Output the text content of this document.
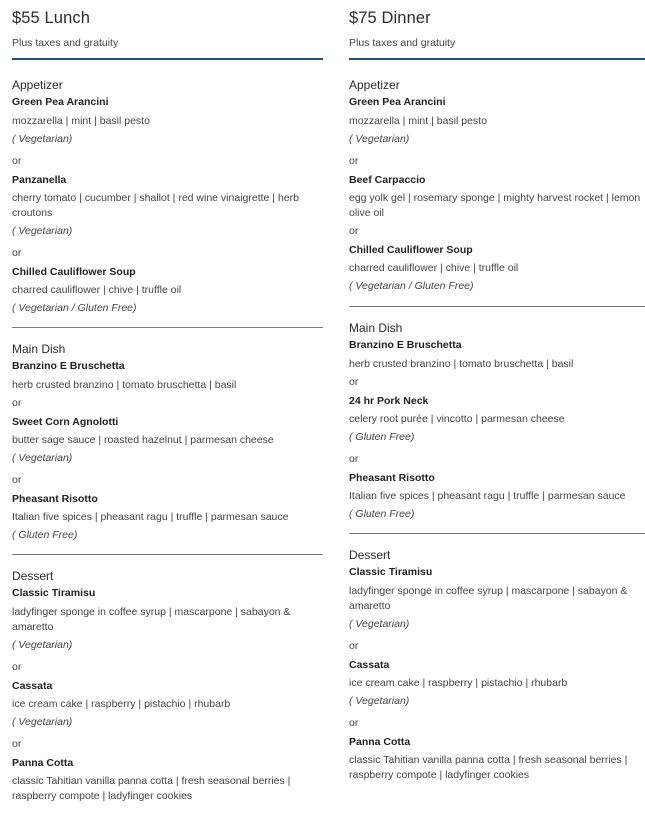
$55 Lunch
Plus taxes and gratuity
Appetizer
Green Pea Arancini
mozzarella | mint | basil pesto
( Vegetarian)
or
Panzanella
cherry tomato | cucumber | shallot | red wine vinaigrette | herb croutons
( Vegetarian)
or
Chilled Cauliflower Soup
charred cauliflower | chive | truffle oil
( Vegetarian / Gluten Free)
Main Dish
Branzino E Bruschetta
herb crusted branzino | tomato bruschetta | basil
or
Sweet Corn Agnolotti
butter sage sauce | roasted hazelnut | parmesan cheese
( Vegetarian)
or
Pheasant Risotto
Italian five spices | pheasant ragu | truffle | parmesan sauce
( Gluten Free)
Dessert
Classic Tiramisu
ladyfinger sponge in coffee syrup | mascarpone | sabayon & amaretto
( Vegetarian)
or
Cassata
ice cream cake | raspberry | pistachio | rhubarb
( Vegetarian)
or
Panna Cotta
classic Tahitian vanilla panna cotta | fresh seasonal berries | raspberry compote | ladyfinger cookies
$75 Dinner
Plus taxes and gratuity
Appetizer
Green Pea Arancini
mozzarella | mint | basil pesto
( Vegetarian)
or
Beef Carpaccio
egg yolk gel | rosemary sponge | mighty harvest rocket | lemon olive oil
or
Chilled Cauliflower Soup
charred cauliflower | chive | truffle oil
( Vegetarian / Gluten Free)
Main Dish
Branzino E Bruschetta
herb crusted branzino | tomato bruschetta | basil
or
24 hr Pork Neck
celery root purée | vincotto | parmesan cheese
( Gluten Free)
or
Pheasant Risotto
Italian five spices | pheasant ragu | truffle | parmesan sauce
( Gluten Free)
Dessert
Classic Tiramisu
ladyfinger sponge in coffee syrup | mascarpone | sabayon & amaretto
( Vegetarian)
or
Cassata
ice cream cake | raspberry | pistachio | rhubarb
( Vegetarian)
or
Panna Cotta
classic Tahitian vanilla panna cotta | fresh seasonal berries | raspberry compote | ladyfinger cookies
